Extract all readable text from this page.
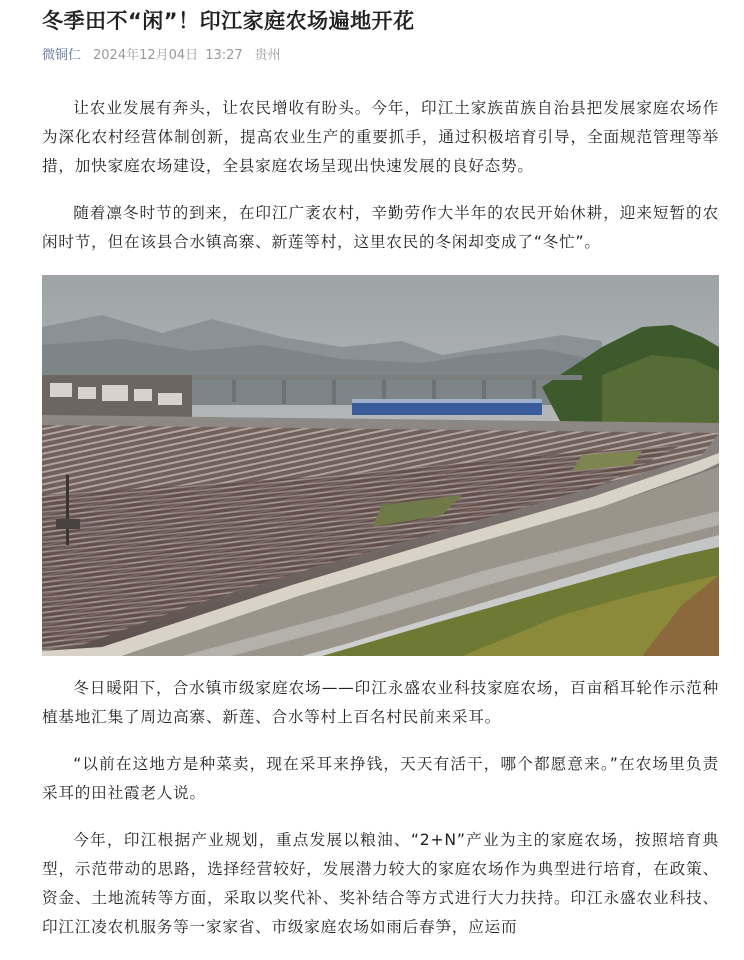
冬季田不“闲”！印江家庭农场遍地开花
微铜仁 2024年12月04日 13:27 贵州

让农业发展有奔头，让农民增收有盼头。今年，印江土家族苗族自治县把发展家庭农场作为深化农村经营体制创新，提高农业生产的重要抓手，通过积极培育引导，全面规范管理等举措，加快家庭农场建设，全县家庭农场呈现出快速发展的良好态势。

随着凛冬时节的到来，在印江广袤农村，辛勤劳作大半年的农民开始休耕，迎来短暂的农闲时节，但在该县合水镇高寨、新莲等村，这里农民的冬闲却变成了“冬忙”。

冬日暖阳下，合水镇市级家庭农场——印江永盛农业科技家庭农场，百亩稻耳轮作示范种植基地汇集了周边高寨、新莲、合水等村上百名村民前来采耳。

“以前在这地方是种菜卖，现在采耳来挣钱，天天有活干，哪个都愿意来。”在农场里负责采耳的田社霞老人说。

今年，印江根据产业规划，重点发展以粮油、“2+N”产业为主的家庭农场，按照培育典型，示范带动的思路，选择经营较好，发展潜力较大的家庭农场作为典型进行培育，在政策、资金、土地流转等方面，采取以奖代补、奖补结合等方式进行大力扶持。印江永盛农业科技、印江江凌农机服务等一家家省、市级家庭农场如雨后春笋，应运而
